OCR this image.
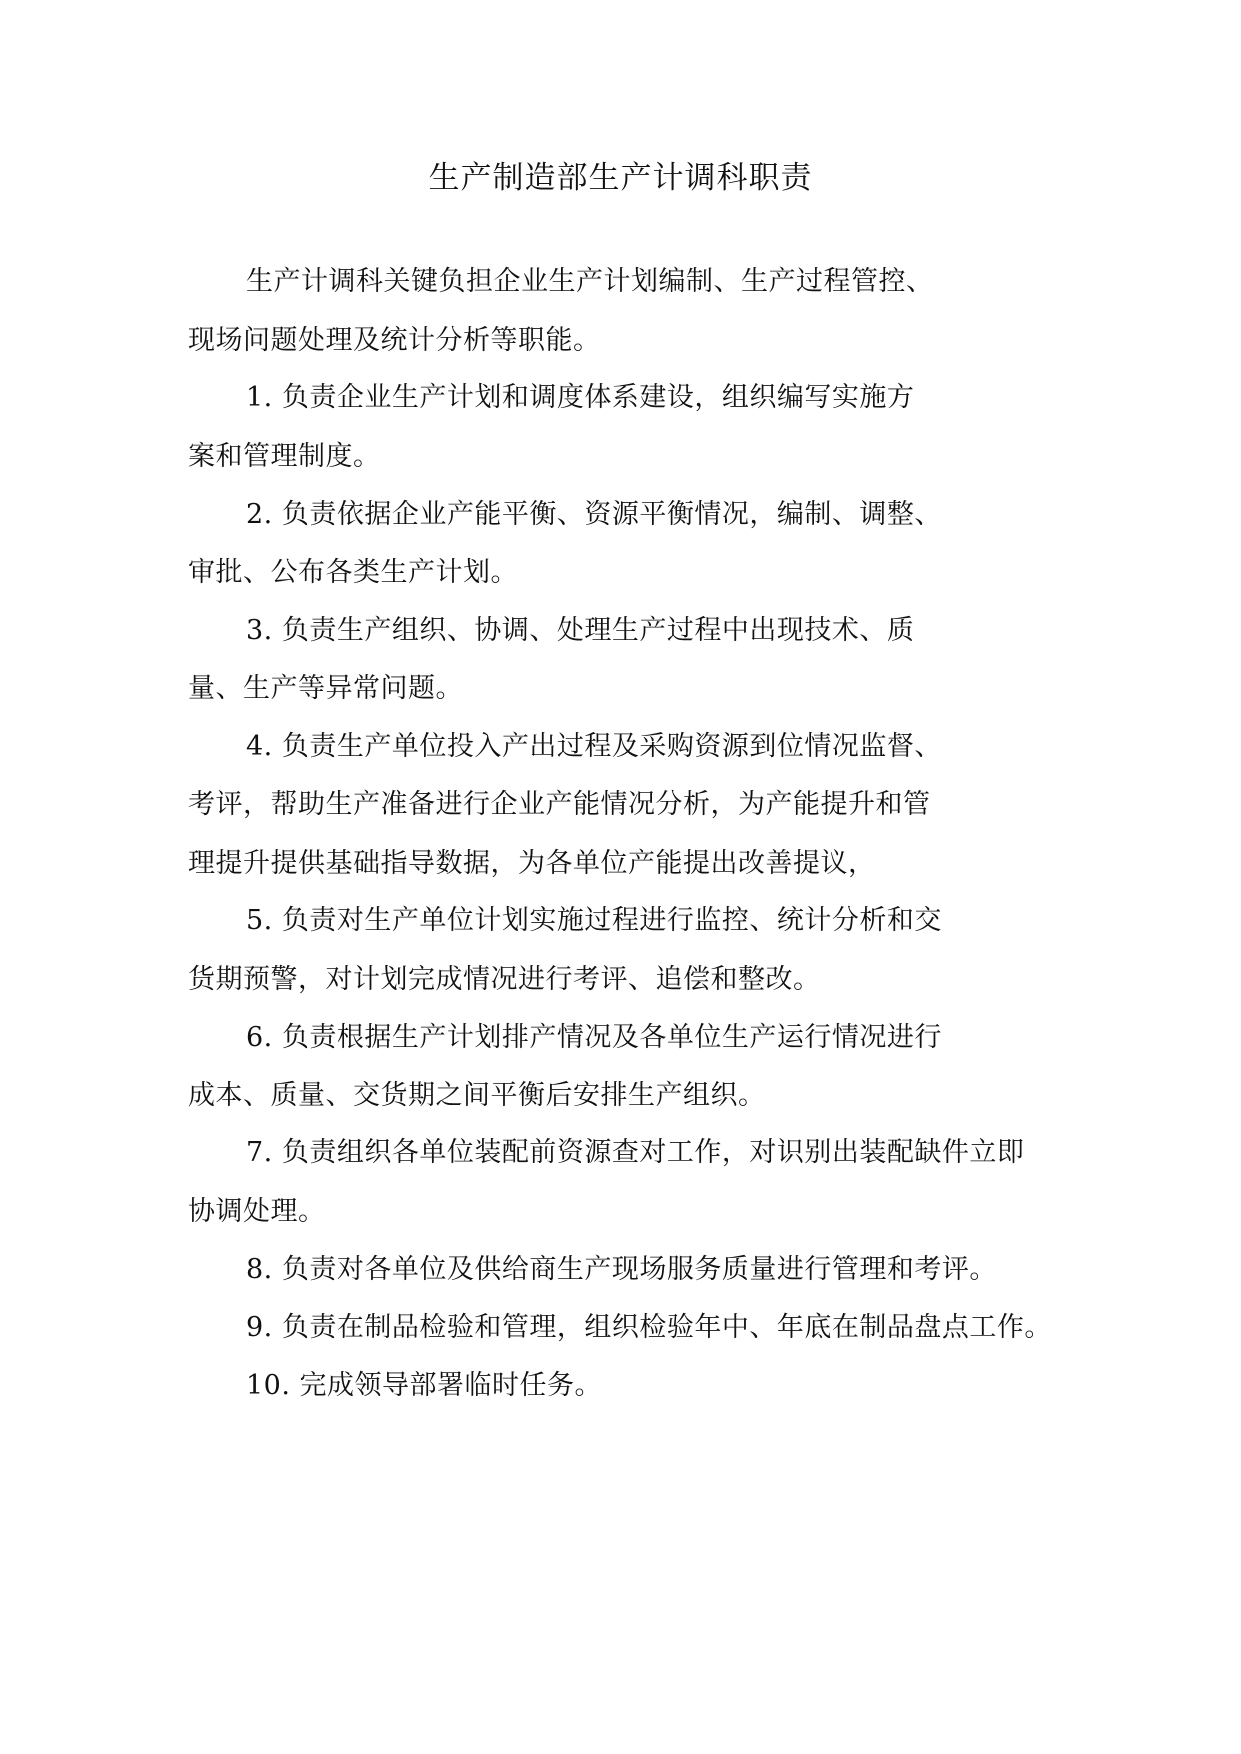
生产制造部生产计调科职责
生产计调科关键负担企业生产计划编制、生产过程管控、
现场问题处理及统计分析等职能。
1. 负责企业生产计划和调度体系建设，组织编写实施方
案和管理制度。
2. 负责依据企业产能平衡、资源平衡情况，编制、调整、
审批、公布各类生产计划。
3. 负责生产组织、协调、处理生产过程中出现技术、质
量、生产等异常问题。
4. 负责生产单位投入产出过程及采购资源到位情况监督、
考评，帮助生产准备进行企业产能情况分析，为产能提升和管
理提升提供基础指导数据，为各单位产能提出改善提议，
5. 负责对生产单位计划实施过程进行监控、统计分析和交
货期预警，对计划完成情况进行考评、追偿和整改。
6. 负责根据生产计划排产情况及各单位生产运行情况进行
成本、质量、交货期之间平衡后安排生产组织。
7. 负责组织各单位装配前资源查对工作，对识别出装配缺件立即
协调处理。
8. 负责对各单位及供给商生产现场服务质量进行管理和考评。
9. 负责在制品检验和管理，组织检验年中、年底在制品盘点工作。
10. 完成领导部署临时任务。
